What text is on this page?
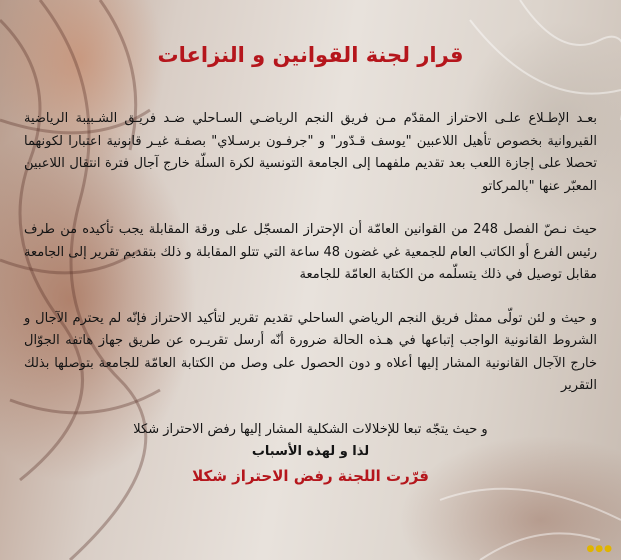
قرار لجنة القوانين و النزاعات

بعـد الإطـلاع علـى الاحتراز المقدّم مـن فريق النجم الرياضـي السـاحلي ضـد فريـق الشـبيبة الرياضية القيروانية بخصوص تأهيل اللاعبين "يوسف قـدّور" و "جرفـون برسـلاي" بصفـة غيـر قانونية اعتبارا لكونهما تحصلا على إجازة اللعب بعد تقديم ملفهما إلى الجامعة التونسية لكرة السلّة خارج آجال فترة انتقال اللاعبين المعبّر عنها "بالمركاتو

حيث نـصّ الفصل 248 من القوانين العامّة أن الإحتراز المسجّل على ورقة المقابلة يجب تأكيده من طرف رئيس الفرع أو الكاتب العام للجمعية غي غضون 48 ساعة التي تتلو المقابلة و ذلك بتقديم تقرير إلى الجامعة مقابل توصيل في ذلك يتسلّمه من الكتابة العامّة للجامعة

و حيث و لئن تولّى ممثل فريق النجم الرياضي الساحلي تقديم تقرير لتأكيد الاحتراز فإنّه لم يحترم الآجال و الشروط القانونية الواجب إتباعها في هـذه الحالة ضرورة أنّه أرسل تقريـره عن طريق جهاز هاتفه الجوّال خارج الآجال القانونية المشار إليها أعلاه و دون الحصول على وصل من الكتابة العامّة للجامعة بتوصلها بذلك التقرير

و حيث يتجّه تبعا للإخلالات الشكلية المشار إليها رفض الاحتراز شكلا

لذا و لهذه الأسباب

قرّرت اللجنة رفض الاحتراز شكلا

●●●
